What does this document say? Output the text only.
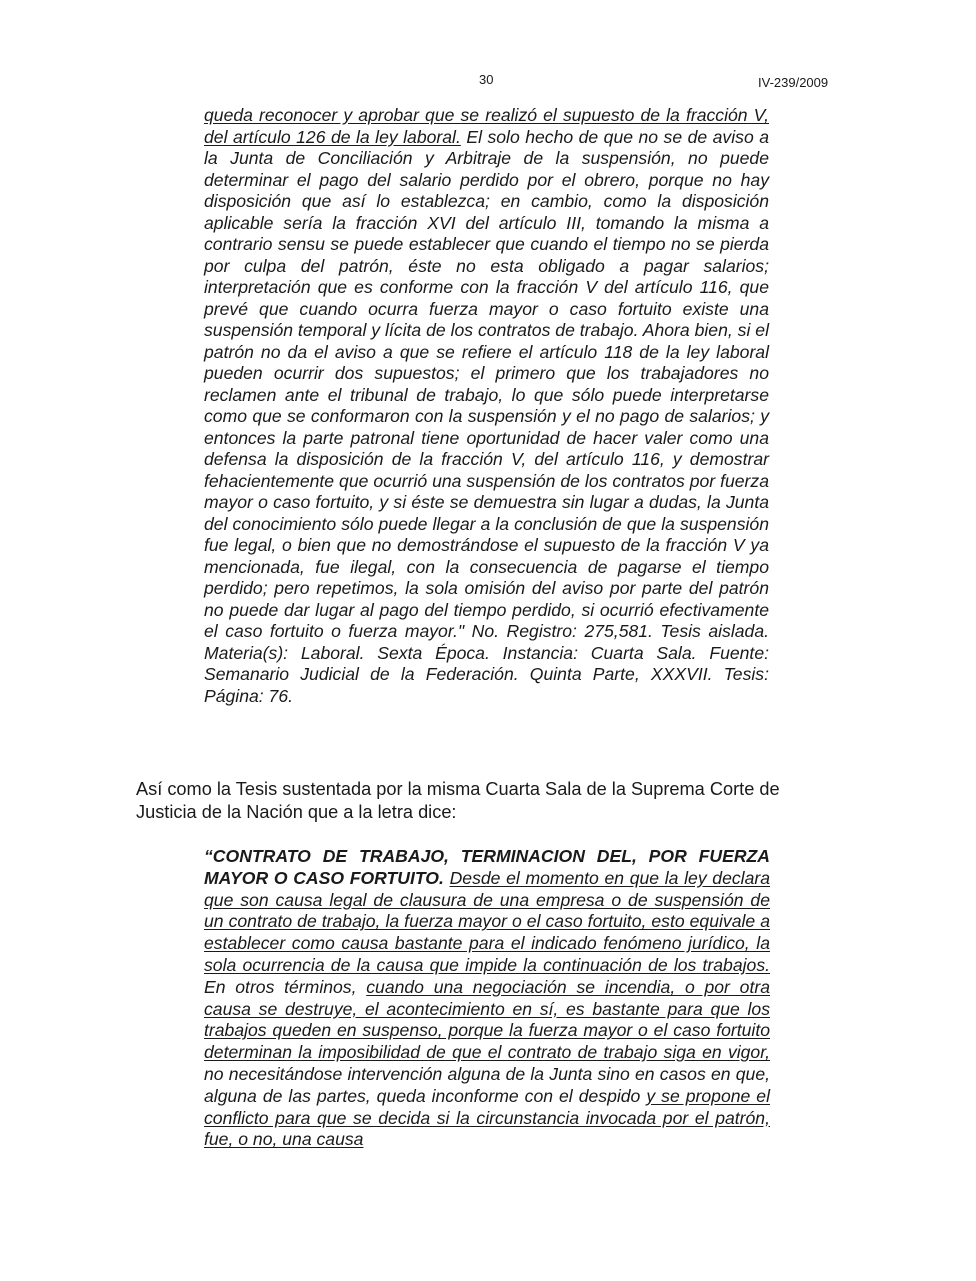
30	IV-239/2009
queda reconocer y aprobar que se realizó el supuesto de la fracción V, del artículo 126 de la ley laboral. El solo hecho de que no se de aviso a la Junta de Conciliación y Arbitraje de la suspensión, no puede determinar el pago del salario perdido por el obrero, porque no hay disposición que así lo establezca; en cambio, como la disposición aplicable sería la fracción XVI del artículo III, tomando la misma a contrario sensu se puede establecer que cuando el tiempo no se pierda por culpa del patrón, éste no esta obligado a pagar salarios; interpretación que es conforme con la fracción V del artículo 116, que prevé que cuando ocurra fuerza mayor o caso fortuito existe una suspensión temporal y lícita de los contratos de trabajo. Ahora bien, si el patrón no da el aviso a que se refiere el artículo 118 de la ley laboral pueden ocurrir dos supuestos; el primero que los trabajadores no reclamen ante el tribunal de trabajo, lo que sólo puede interpretarse como que se conformaron con la suspensión y el no pago de salarios; y entonces la parte patronal tiene oportunidad de hacer valer como una defensa la disposición de la fracción V, del artículo 116, y demostrar fehacientemente que ocurrió una suspensión de los contratos por fuerza mayor o caso fortuito, y si éste se demuestra sin lugar a dudas, la Junta del conocimiento sólo puede llegar a la conclusión de que la suspensión fue legal, o bien que no demostrándose el supuesto de la fracción V ya mencionada, fue ilegal, con la consecuencia de pagarse el tiempo perdido; pero repetimos, la sola omisión del aviso por parte del patrón no puede dar lugar al pago del tiempo perdido, si ocurrió efectivamente el caso fortuito o fuerza mayor." No. Registro: 275,581. Tesis aislada. Materia(s): Laboral. Sexta Época. Instancia: Cuarta Sala. Fuente: Semanario Judicial de la Federación. Quinta Parte, XXXVII. Tesis: Página: 76.
Así como la Tesis sustentada por la misma Cuarta Sala de la Suprema Corte de Justicia de la Nación que a la letra dice:
“CONTRATO DE TRABAJO, TERMINACION DEL, POR FUERZA MAYOR O CASO FORTUITO. Desde el momento en que la ley declara que son causa legal de clausura de una empresa o de suspensión de un contrato de trabajo, la fuerza mayor o el caso fortuito, esto equivale a establecer como causa bastante para el indicado fenómeno jurídico, la sola ocurrencia de la causa que impide la continuación de los trabajos. En otros términos, cuando una negociación se incendia, o por otra causa se destruye, el acontecimiento en sí, es bastante para que los trabajos queden en suspenso, porque la fuerza mayor o el caso fortuito determinan la imposibilidad de que el contrato de trabajo siga en vigor, no necesitándose intervención alguna de la Junta sino en casos en que, alguna de las partes, queda inconforme con el despido y se propone el conflicto para que se decida si la circunstancia invocada por el patrón, fue, o no, una causa
